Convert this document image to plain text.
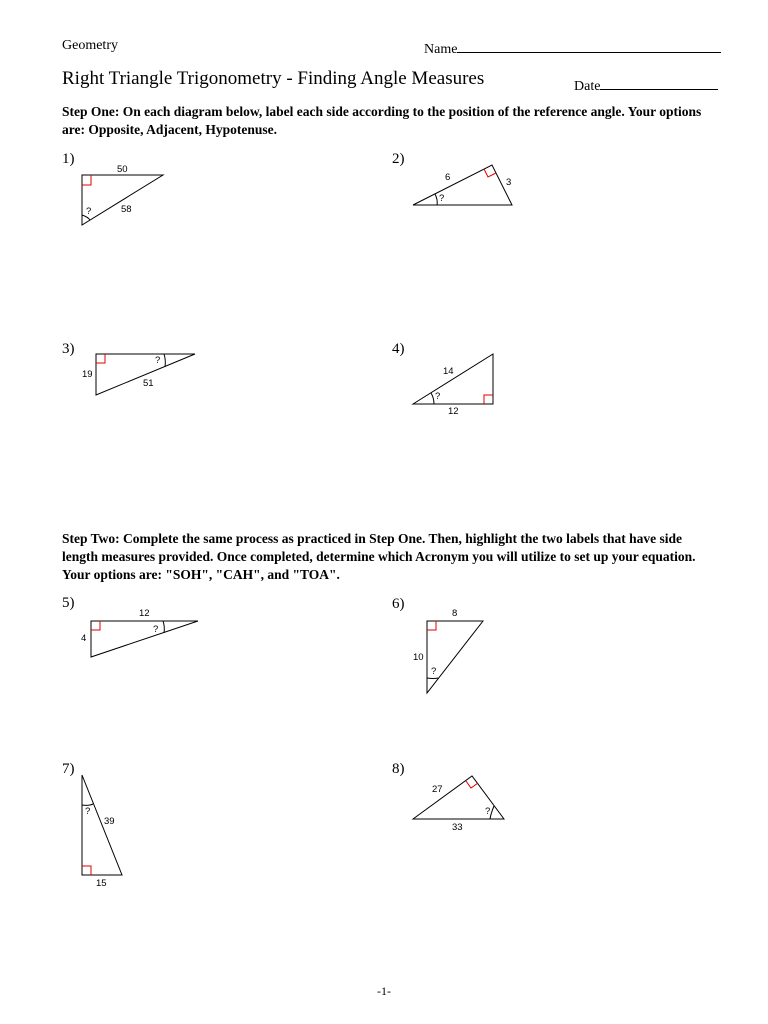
Geometry	Name
Right Triangle Trigonometry - Finding Angle Measures	Date
Step One: On each diagram below, label each side according to the position of the reference angle. Your options are: Opposite, Adjacent, Hypotenuse.
1)	2)
3)	4)
Step Two: Complete the same process as practiced in Step One. Then, highlight the two labels that have side length measures provided. Once completed, determine which Acronym you will utilize to set up your equation. Your options are: "SOH", "CAH", and "TOA".
5)	6)
7)	8)
50
58
?
6	3
?
19
51
?
14
12
?
12
4
?
8
10
?
39
15
?
27
33
?
-1-
